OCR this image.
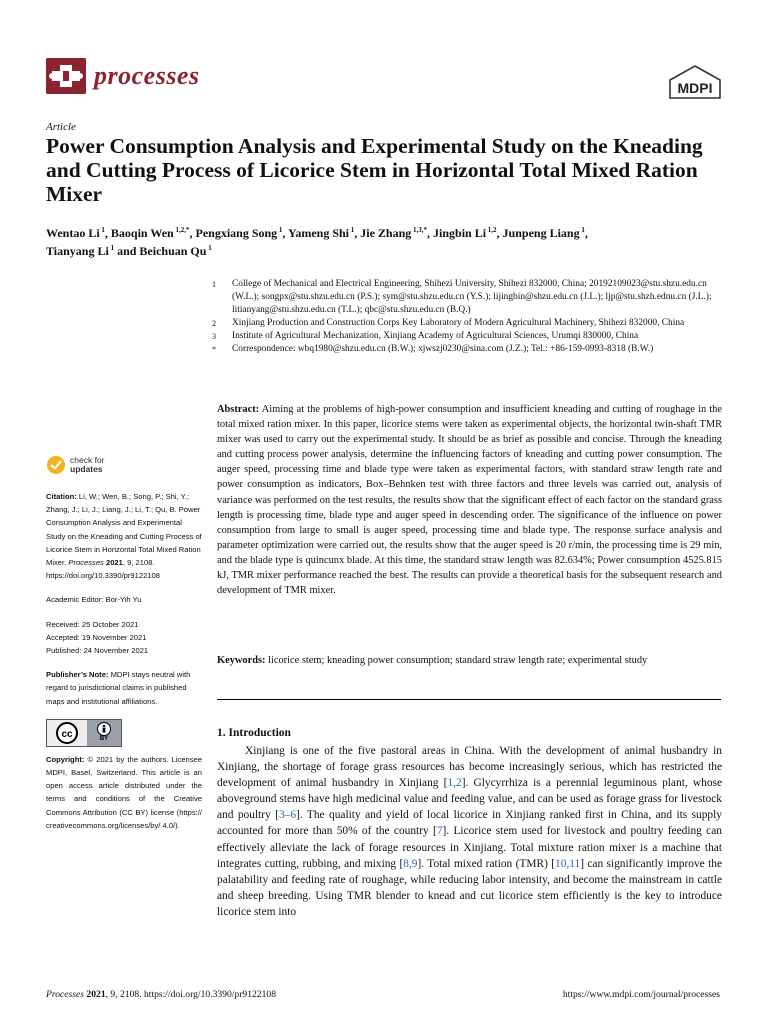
processes	MDPI
Article
Power Consumption Analysis and Experimental Study on the Kneading and Cutting Process of Licorice Stem in Horizontal Total Mixed Ration Mixer
Wentao Li $^1$, Baoqin Wen $^{1,2,*}$, Pengxiang Song $^1$, Yameng Shi $^1$, Jie Zhang $^{1,3,*}$, Jingbin Li $^{1,2}$, Junpeng Liang $^1$,
Tianyang Li $^1$ and Beichuan Qu $^1$
1	College of Mechanical and Electrical Engineering, Shihezi University, Shihezi 832000, China; 20192109023@stu.shzu.edu.cn (W.L.); songpx@stu.shzu.edu.cn (P.S.); sym@stu.shzu.edu.cn (Y.S.); lijingbin@shzu.edu.cn (J.L.); ljp@stu.shzh.ednu.cn (J.L.); litianyang@stu.shzu.edu.cn (T.L.); qbc@stu.shzu.edu.cn (B.Q.)
2	Xinjiang Production and Construction Corps Key Laboratory of Modern Agricultural Machinery, Shihezi 832000, China
3	Institute of Agricultural Mechanization, Xinjiang Academy of Agricultural Sciences, Urumqi 830000, China
*	Correspondence: wbq1980@shzu.edu.cn (B.W.); xjwszj0230@sina.com (J.Z.); Tel.: +86-159-0993-8318 (B.W.)

Abstract: Aiming at the problems of high-power consumption and insufficient kneading and cutting of roughage in the total mixed ration mixer. In this paper, licorice stems were taken as experimental objects, the horizontal twin-shaft TMR mixer was used to carry out the experimental study. It should be as brief as possible and concise. Through the kneading and cutting process power analysis, determine the influencing factors of kneading and cutting power consumption. The auger speed, processing time and blade type were taken as experimental factors, with standard straw length rate and power consumption as indicators, Box–Behnken test with three factors and three levels was carried out, analysis of variance was performed on the test results, the results show that the significant effect of each factor on the standard grass length is processing time, blade type and auger speed in descending order. The significance of the influence on power consumption from large to small is auger speed, processing time and blade type. The response surface analysis and parameter optimization were carried out, the results show that the auger speed is 20 r/min, the processing time is 29 min, and the blade type is quincunx blade. At this time, the standard straw length was 82.634%; Power consumption 4525.815 kJ, TMR mixer performance reached the best. The results can provide a theoretical basis for the subsequent research and development of TMR mixer.

Keywords: licorice stem; kneading power consumption; standard straw length rate; experimental study

1. Introduction

Xinjiang is one of the five pastoral areas in China. With the development of animal husbandry in Xinjiang, the shortage of forage grass resources has become increasingly serious, which has restricted the development of animal husbandry in Xinjiang [1,2]. Glycyrrhiza is a perennial leguminous plant, whose aboveground stems have high medicinal value and feeding value, and can be used as forage grass for livestock and poultry [3–6]. The quality and yield of local licorice in Xinjiang ranked first in China, and its supply accounted for more than 50% of the country [7]. Licorice stem used for livestock and poultry feeding can effectively alleviate the lack of forage resources in Xinjiang. Total mixture ration mixer is a machine that integrates cutting, rubbing, and mixing [8,9]. Total mixed ration (TMR) [10,11] can significantly improve the palatability and feeding rate of roughage, while reducing labor intensity, and become the mainstream in cattle and sheep breeding. Using TMR blender to knead and cut licorice stem efficiently is the key to introduce licorice stem into

check for
updates
Citation: Li, W.; Wen, B.; Song, P.; Shi, Y.; Zhang, J.; Li, J.; Liang, J.; Li, T.; Qu, B. Power Consumption Analysis and Experimental Study on the Kneading and Cutting Process of Licorice Stem in Horizontal Total Mixed Ration Mixer. Processes 2021, 9, 2108. https://doi.org/10.3390/pr9122108
Academic Editor: Bor-Yih Yu
Received: 25 October 2021
Accepted: 19 November 2021
Published: 24 November 2021
Publisher’s Note: MDPI stays neutral with regard to jurisdictional claims in published maps and institutional affiliations.
cc	BY
Copyright: © 2021 by the authors. Licensee MDPI, Basel, Switzerland. This article is an open access article distributed under the terms and conditions of the Creative Commons Attribution (CC BY) license (https:// creativecommons.org/licenses/by/ 4.0/).
Processes 2021, 9, 2108. https://doi.org/10.3390/pr9122108	https://www.mdpi.com/journal/processes
